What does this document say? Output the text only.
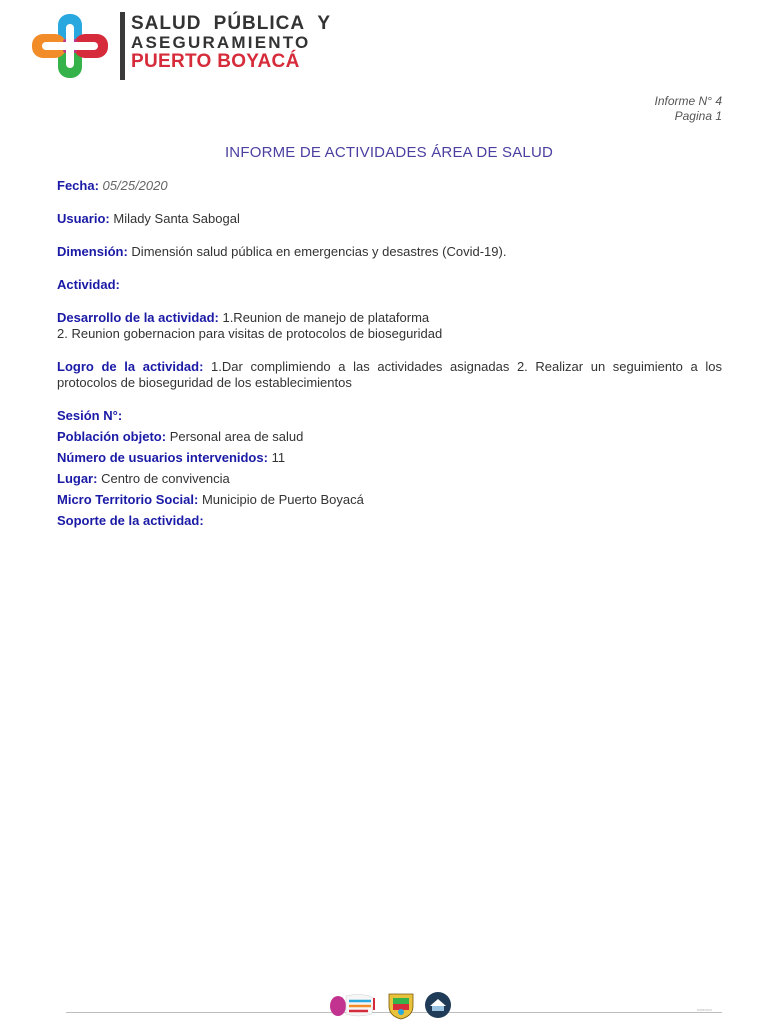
SALUD PÚBLICA Y
ASEGURAMIENTO
PUERTO BOYACÁ
Informe N° 4
Pagina 1
INFORME DE ACTIVIDADES ÁREA DE SALUD

Fecha: 05/25/2020

Usuario: Milady Santa Sabogal

Dimensión: Dimensión salud pública en emergencias y desastres (Covid-19).

Actividad:

Desarrollo de la actividad: 1.Reunion de manejo de plataforma
2. Reunion gobernacion para visitas de protocolos de bioseguridad

Logro de la actividad: 1.Dar complimiendo a las actividades asignadas 2. Realizar un seguimiento a los protocolos de bioseguridad de los establecimientos

Sesión N°:

Población objeto: Personal area de salud

Número de usuarios intervenidos: 11

Lugar: Centro de convivencia

Micro Territorio Social: Municipio de Puerto Boyacá

Soporte de la actividad:

▭▭▭▭
